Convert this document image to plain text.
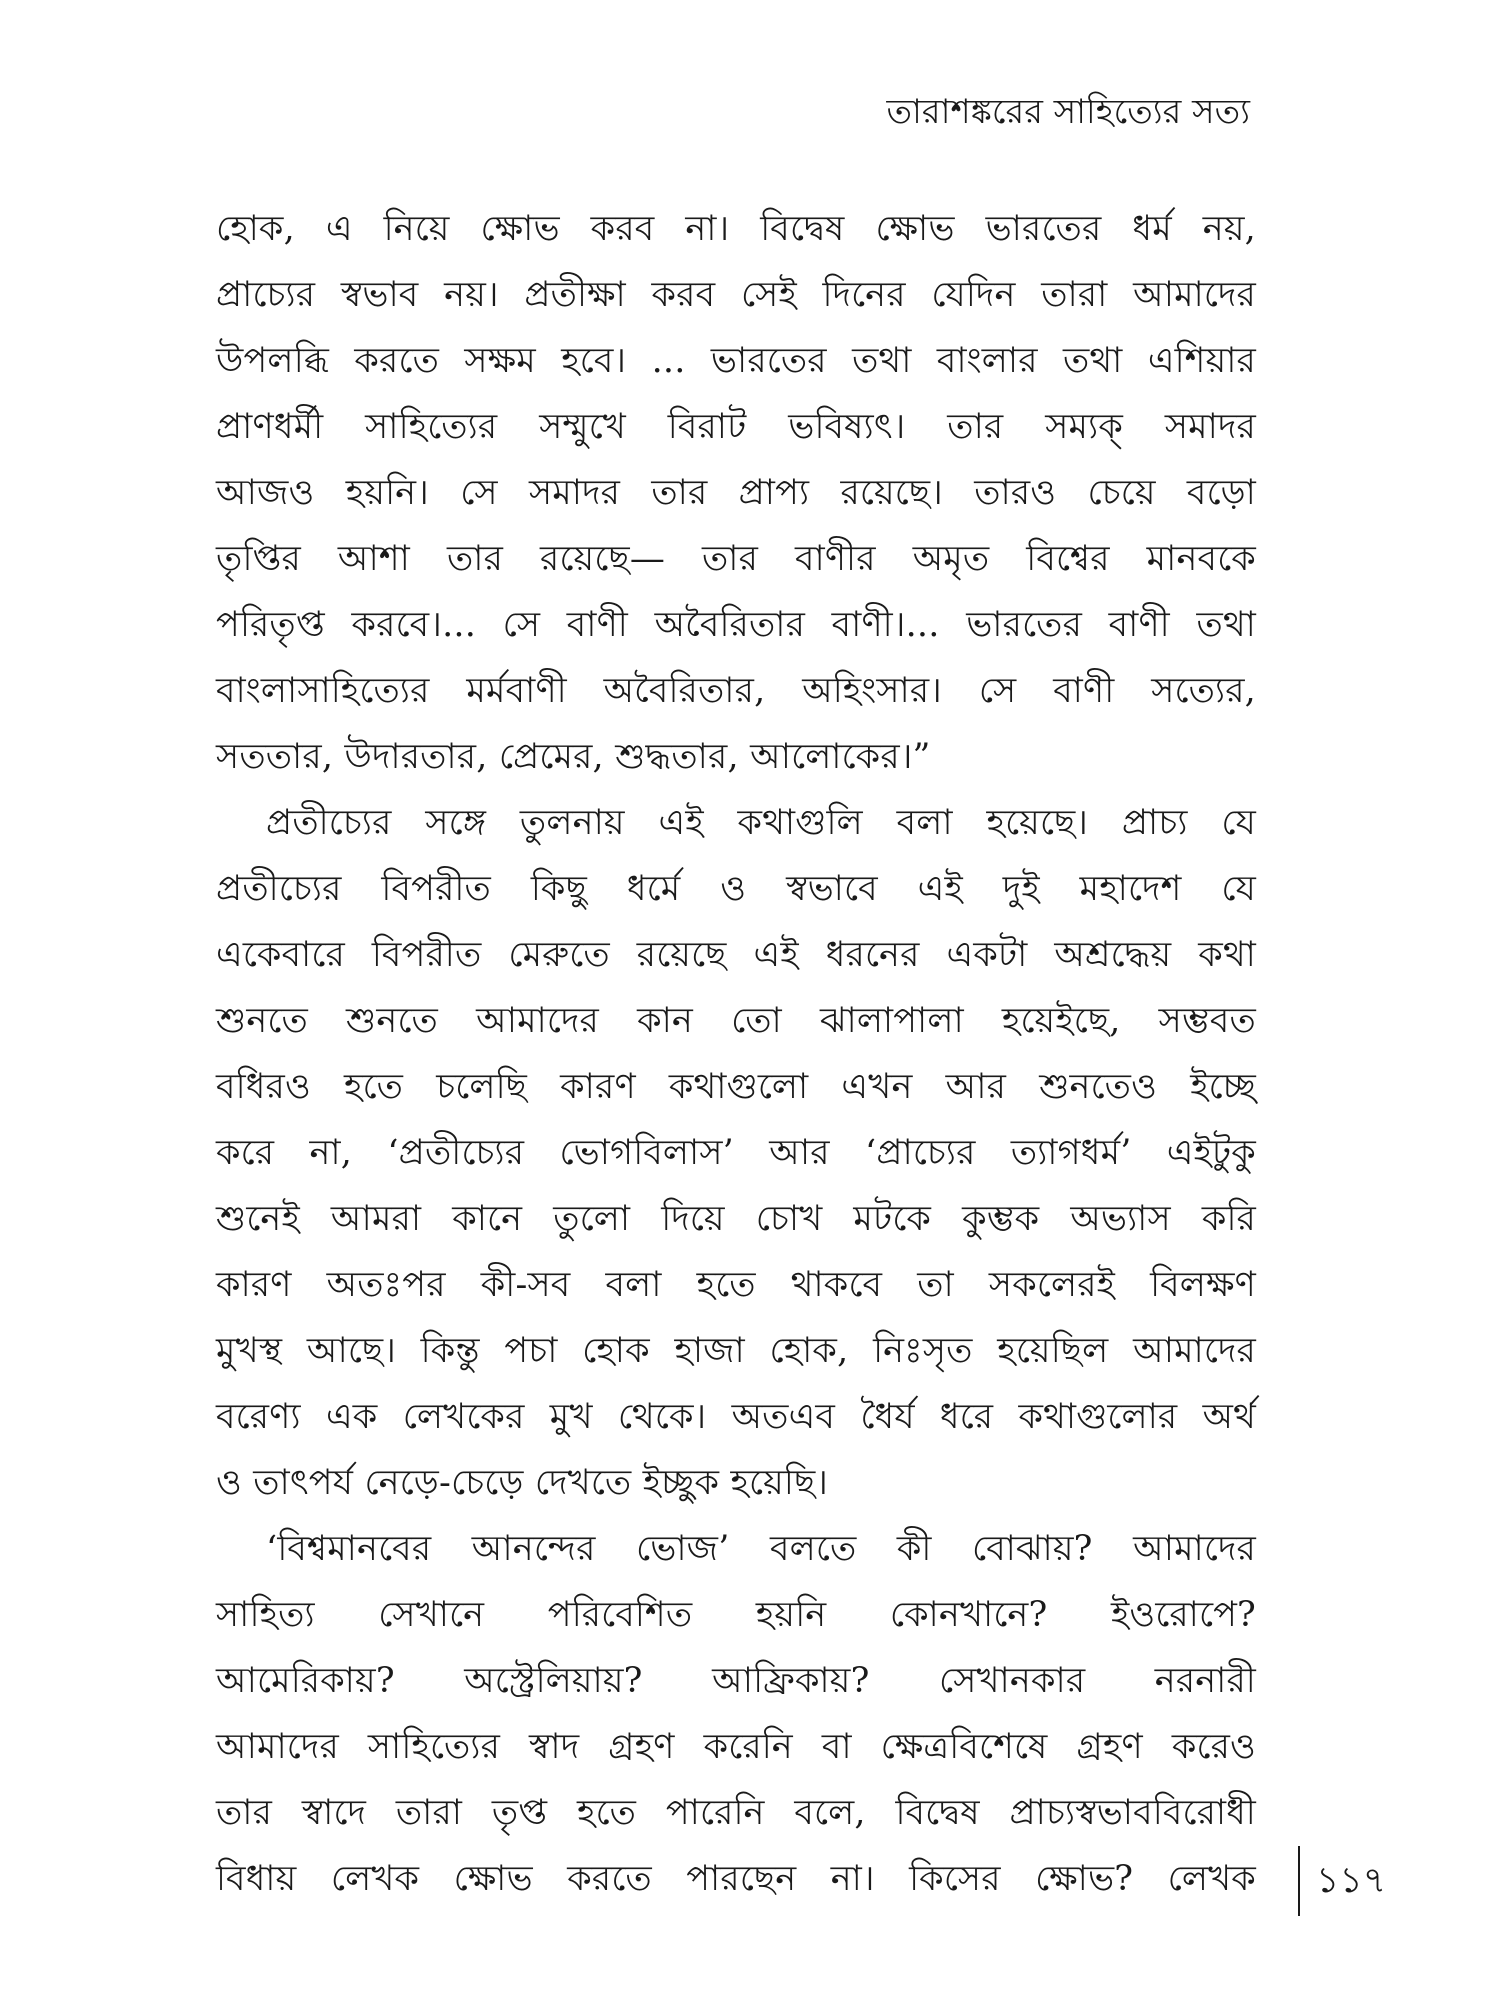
তারাশঙ্করের সাহিত্যের সত্য
হোক, এ নিয়ে ক্ষোভ করব না। বিদ্বেষ ক্ষোভ ভারতের ধর্ম নয়,
প্রাচ্যের স্বভাব নয়। প্রতীক্ষা করব সেই দিনের যেদিন তারা আমাদের
উপলব্ধি করতে সক্ষম হবে। ... ভারতের তথা বাংলার তথা এশিয়ার
প্রাণধর্মী সাহিত্যের সম্মুখে বিরাট ভবিষ্যৎ। তার সম্যক্ সমাদর
আজও হয়নি। সে সমাদর তার প্রাপ্য রয়েছে। তারও চেয়ে বড়ো
তৃপ্তির আশা তার রয়েছে— তার বাণীর অমৃত বিশ্বের মানবকে
পরিতৃপ্ত করবে।... সে বাণী অবৈরিতার বাণী।... ভারতের বাণী তথা
বাংলাসাহিত্যের মর্মবাণী অবৈরিতার, অহিংসার। সে বাণী সত্যের,
সততার, উদারতার, প্রেমের, শুদ্ধতার, আলোকের।”
প্রতীচ্যের সঙ্গে তুলনায় এই কথাগুলি বলা হয়েছে। প্রাচ্য যে
প্রতীচ্যের বিপরীত কিছু ধর্মে ও স্বভাবে এই দুই মহাদেশ যে
একেবারে বিপরীত মেরুতে রয়েছে এই ধরনের একটা অশ্রদ্ধেয় কথা
শুনতে শুনতে আমাদের কান তো ঝালাপালা হয়েইছে, সম্ভবত
বধিরও হতে চলেছি কারণ কথাগুলো এখন আর শুনতেও ইচ্ছে
করে না, ‘প্রতীচ্যের ভোগবিলাস’ আর ‘প্রাচ্যের ত্যাগধর্ম’ এইটুকু
শুনেই আমরা কানে তুলো দিয়ে চোখ মটকে কুম্ভক অভ্যাস করি
কারণ অতঃপর কী-সব বলা হতে থাকবে তা সকলেরই বিলক্ষণ
মুখস্থ আছে। কিন্তু পচা হোক হাজা হোক, নিঃসৃত হয়েছিল আমাদের
বরেণ্য এক লেখকের মুখ থেকে। অতএব ধৈর্য ধরে কথাগুলোর অর্থ
ও তাৎপর্য নেড়ে-চেড়ে দেখতে ইচ্ছুক হয়েছি।
‘বিশ্বমানবের আনন্দের ভোজ’ বলতে কী বোঝায়? আমাদের
সাহিত্য সেখানে পরিবেশিত হয়নি কোনখানে? ইওরোপে?
আমেরিকায়? অস্ট্রেলিয়ায়? আফ্রিকায়? সেখানকার নরনারী
আমাদের সাহিত্যের স্বাদ গ্রহণ করেনি বা ক্ষেত্রবিশেষে গ্রহণ করেও
তার স্বাদে তারা তৃপ্ত হতে পারেনি বলে, বিদ্বেষ প্রাচ্যস্বভাববিরোধী
বিধায় লেখক ক্ষোভ করতে পারছেন না। কিসের ক্ষোভ? লেখক	১১৭
